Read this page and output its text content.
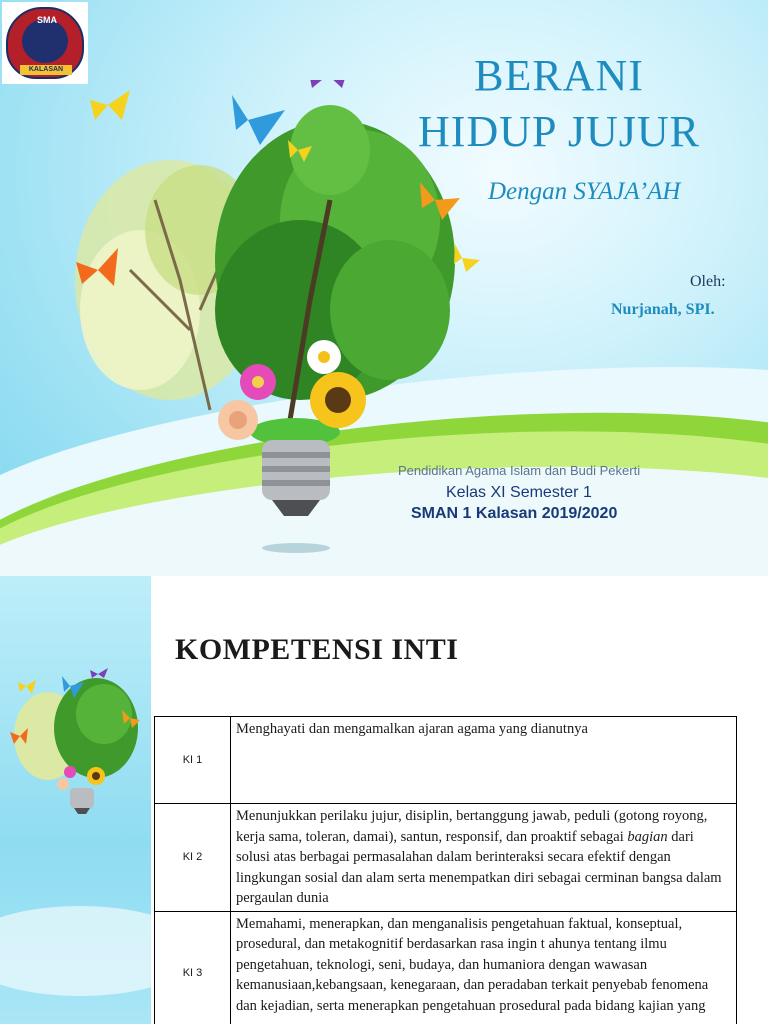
SMA
KALASAN	BERANI
HIDUP JUJUR
Dengan SYAJA’AH
Oleh:
Nurjanah, SPI.
Pendidikan Agama Islam dan Budi Pekerti
Kelas XI Semester 1
SMAN 1 Kalasan 2019/2020
KOMPETENSI INTI
KI 1	Menghayati dan mengamalkan ajaran agama yang dianutnya
KI 2	Menunjukkan perilaku jujur, disiplin, bertanggung jawab, peduli (gotong royong, kerja sama, toleran, damai), santun, responsif, dan proaktif sebagai bagian dari solusi atas berbagai permasalahan dalam berinteraksi secara efektif dengan lingkungan sosial dan alam serta menempatkan diri sebagai cerminan bangsa dalam pergaulan dunia
KI 3	Memahami, menerapkan, dan menganalisis pengetahuan faktual, konseptual, prosedural, dan metakognitif berdasarkan rasa ingin t ahunya tentang ilmu pengetahuan, teknologi, seni, budaya, dan humaniora dengan wawasan kemanusiaan,kebangsaan, kenegaraan, dan peradaban terkait penyebab fenomena dan kejadian, serta menerapkan pengetahuan prosedural pada bidang kajian yang
